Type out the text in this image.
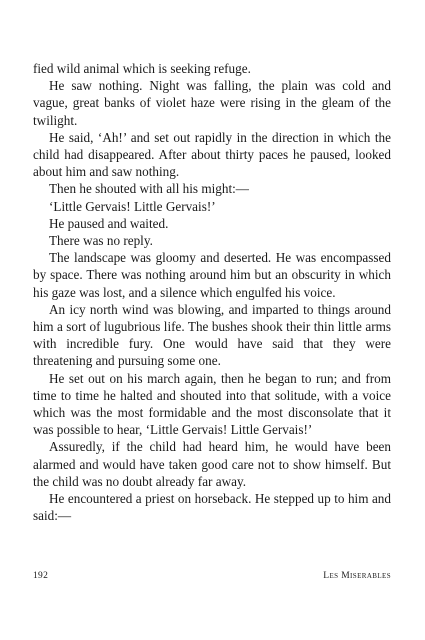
fied wild animal which is seeking refuge.

He saw nothing. Night was falling, the plain was cold and vague, great banks of violet haze were rising in the gleam of the twilight.

He said, ‘Ah!’ and set out rapidly in the direction in which the child had disappeared. After about thirty paces he paused, looked about him and saw nothing.

Then he shouted with all his might:—

‘Little Gervais! Little Gervais!’

He paused and waited.

There was no reply.

The landscape was gloomy and deserted. He was encompassed by space. There was nothing around him but an obscurity in which his gaze was lost, and a silence which engulfed his voice.

An icy north wind was blowing, and imparted to things around him a sort of lugubrious life. The bushes shook their thin little arms with incredible fury. One would have said that they were threatening and pursuing some one.

He set out on his march again, then he began to run; and from time to time he halted and shouted into that solitude, with a voice which was the most formidable and the most disconsolate that it was possible to hear, ‘Little Gervais! Little Gervais!’

Assuredly, if the child had heard him, he would have been alarmed and would have taken good care not to show himself. But the child was no doubt already far away.

He encountered a priest on horseback. He stepped up to him and said:—

192	Les Miserables
